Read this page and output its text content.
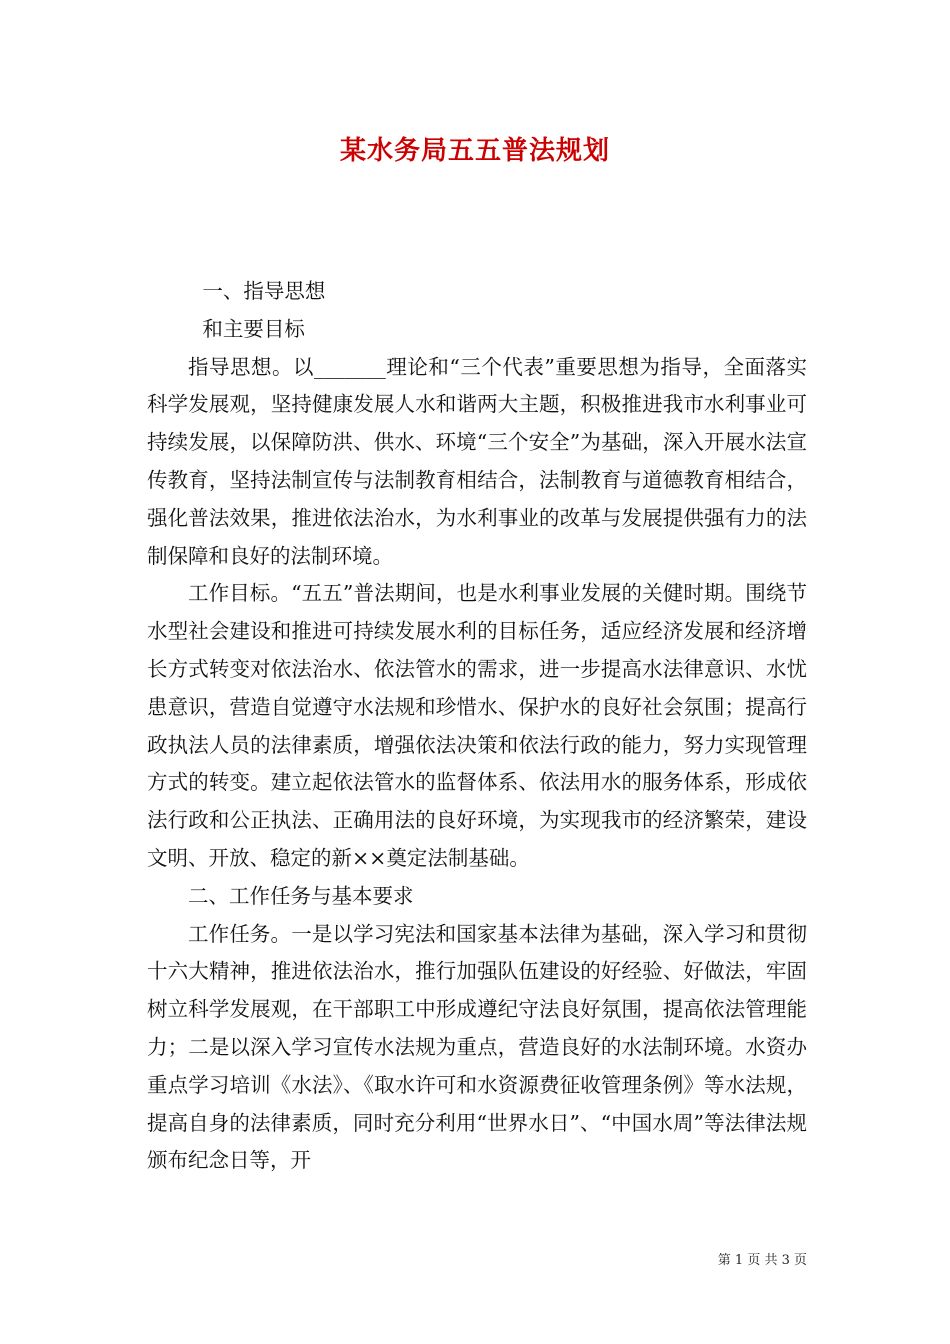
某水务局五五普法规划

一、指导思想

和主要目标

指导思想。以_______理论和“三个代表”重要思想为指导，全面落实科学发展观，坚持健康发展人水和谐两大主题，积极推进我市水利事业可持续发展，以保障防洪、供水、环境“三个安全”为基础，深入开展水法宣传教育，坚持法制宣传与法制教育相结合，法制教育与道德教育相结合，强化普法效果，推进依法治水，为水利事业的改革与发展提供强有力的法制保障和良好的法制环境。

工作目标。“五五”普法期间，也是水利事业发展的关健时期。围绕节水型社会建设和推进可持续发展水利的目标任务，适应经济发展和经济增长方式转变对依法治水、依法管水的需求，进一步提高水法律意识、水忧患意识，营造自觉遵守水法规和珍惜水、保护水的良好社会氛围；提高行政执法人员的法律素质，增强依法决策和依法行政的能力，努力实现管理方式的转变。建立起依法管水的监督体系、依法用水的服务体系，形成依法行政和公正执法、正确用法的良好环境，为实现我市的经济繁荣，建设文明、开放、稳定的新××奠定法制基础。

二、工作任务与基本要求

工作任务。一是以学习宪法和国家基本法律为基础，深入学习和贯彻十六大精神，推进依法治水，推行加强队伍建设的好经验、好做法，牢固树立科学发展观，在干部职工中形成遵纪守法良好氛围，提高依法管理能力；二是以深入学习宣传水法规为重点，营造良好的水法制环境。水资办重点学习培训《水法》、《取水许可和水资源费征收管理条例》等水法规，提高自身的法律素质，同时充分利用“世界水日”、“中国水周”等法律法规颁布纪念日等，开

第 1 页 共 3 页
